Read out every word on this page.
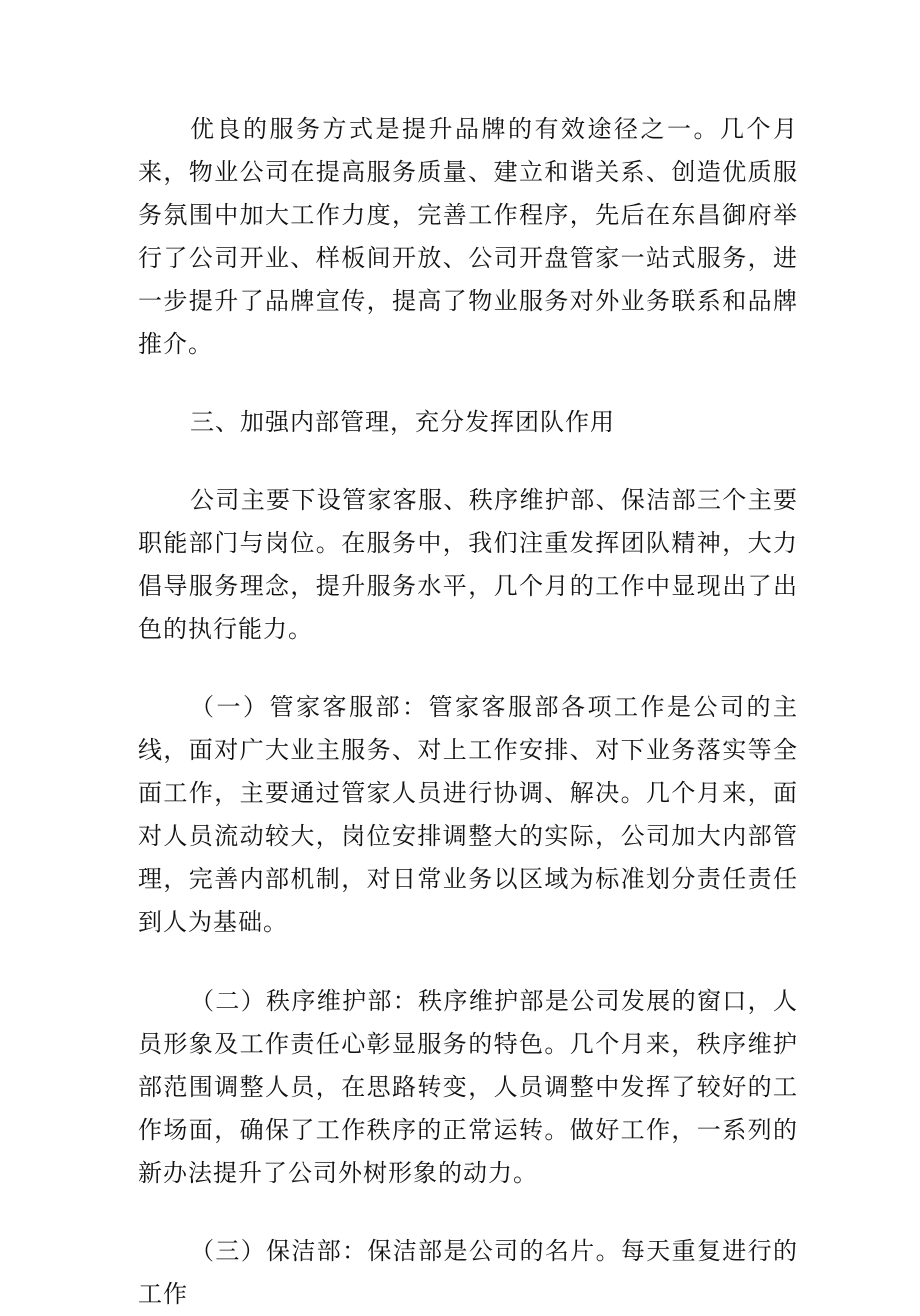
优良的服务方式是提升品牌的有效途径之一。几个月来，物业公司在提高服务质量、建立和谐关系、创造优质服务氛围中加大工作力度，完善工作程序，先后在东昌御府举行了公司开业、样板间开放、公司开盘管家一站式服务，进一步提升了品牌宣传，提高了物业服务对外业务联系和品牌推介。

三、加强内部管理，充分发挥团队作用

公司主要下设管家客服、秩序维护部、保洁部三个主要职能部门与岗位。在服务中，我们注重发挥团队精神，大力倡导服务理念，提升服务水平，几个月的工作中显现出了出色的执行能力。

（一）管家客服部：管家客服部各项工作是公司的主线，面对广大业主服务、对上工作安排、对下业务落实等全面工作，主要通过管家人员进行协调、解决。几个月来，面对人员流动较大，岗位安排调整大的实际，公司加大内部管理，完善内部机制，对日常业务以区域为标准划分责任责任到人为基础。

（二）秩序维护部：秩序维护部是公司发展的窗口，人员形象及工作责任心彰显服务的特色。几个月来，秩序维护部范围调整人员，在思路转变，人员调整中发挥了较好的工作场面，确保了工作秩序的正常运转。做好工作，一系列的新办法提升了公司外树形象的动力。

（三）保洁部：保洁部是公司的名片。每天重复进行的工作
